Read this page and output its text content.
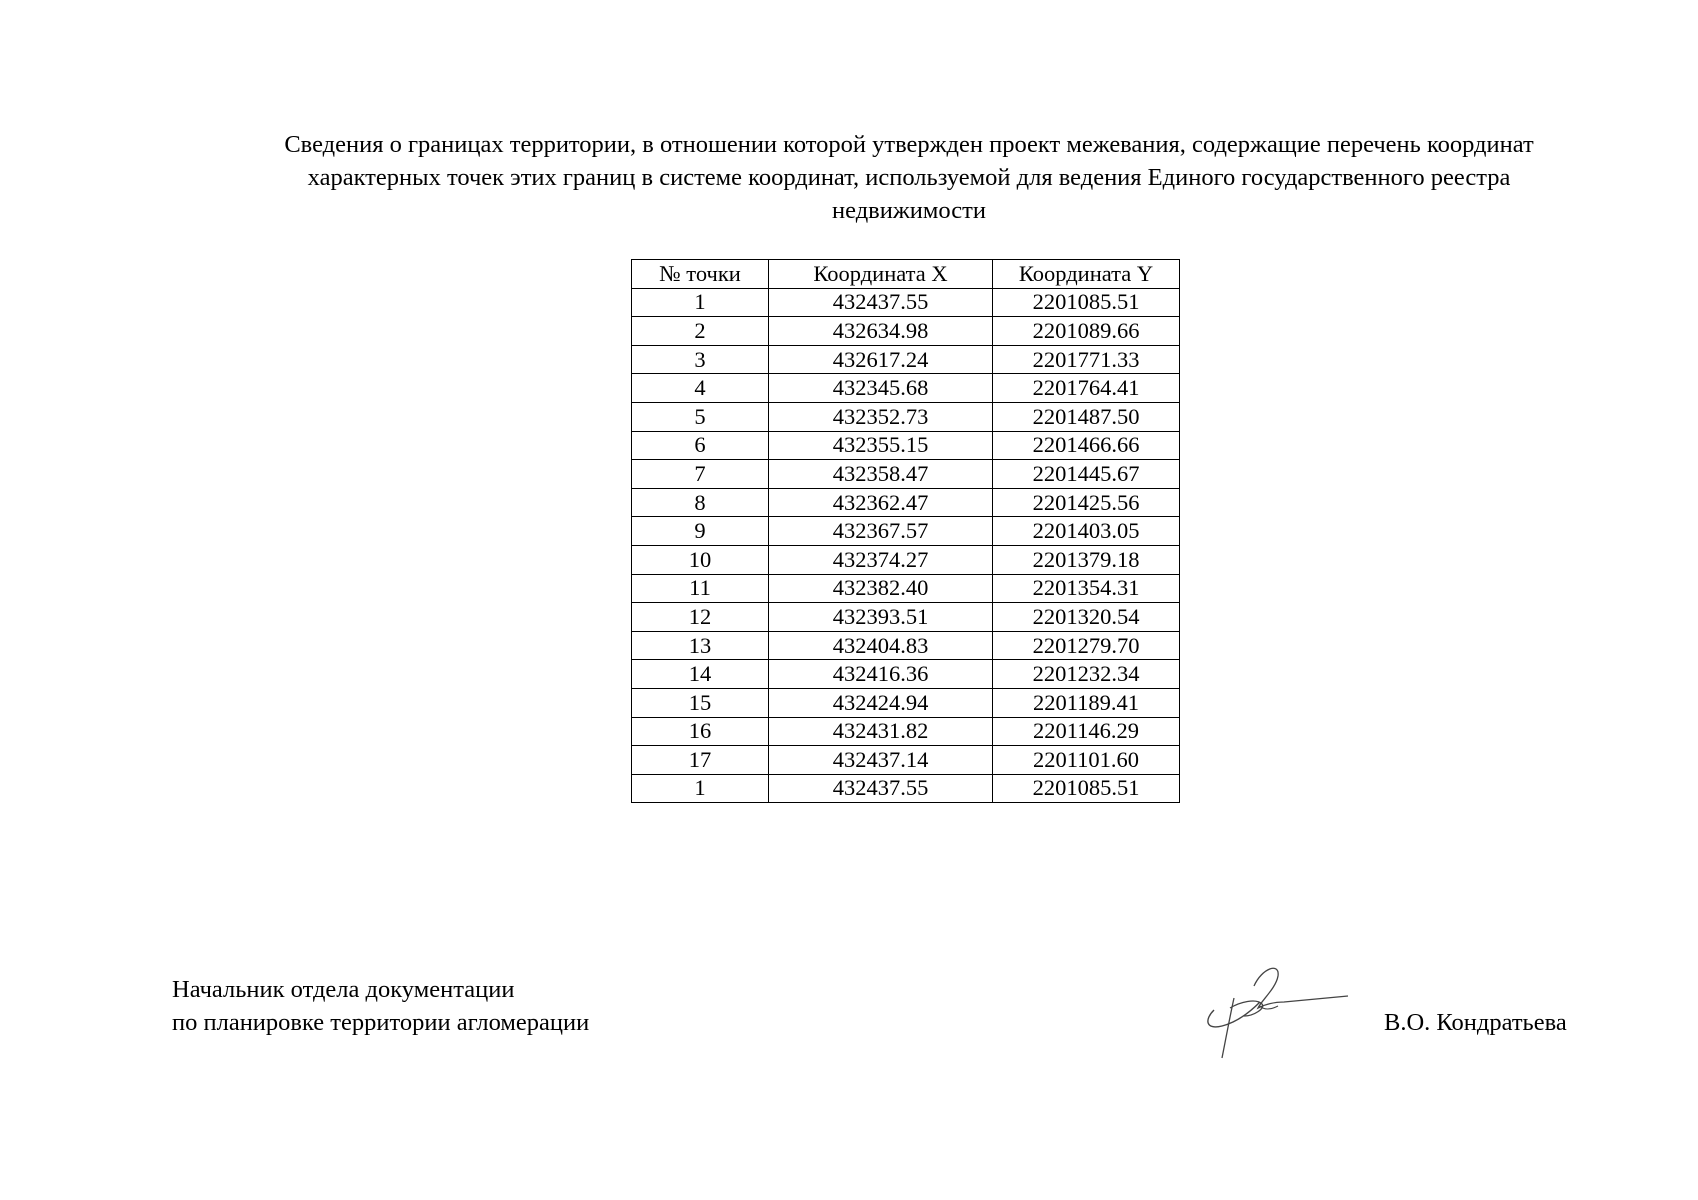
Сведения о границах территории, в отношении которой утвержден проект межевания, содержащие перечень координат
характерных точек этих границ в системе координат, используемой для ведения Единого государственного реестра
недвижимости
№ точки	Координата X	Координата Y
1	432437.55	2201085.51
2	432634.98	2201089.66
3	432617.24	2201771.33
4	432345.68	2201764.41
5	432352.73	2201487.50
6	432355.15	2201466.66
7	432358.47	2201445.67
8	432362.47	2201425.56
9	432367.57	2201403.05
10	432374.27	2201379.18
11	432382.40	2201354.31
12	432393.51	2201320.54
13	432404.83	2201279.70
14	432416.36	2201232.34
15	432424.94	2201189.41
16	432431.82	2201146.29
17	432437.14	2201101.60
1	432437.55	2201085.51
Начальник отдела документации
по планировке территории агломерации	В.О. Кондратьева
